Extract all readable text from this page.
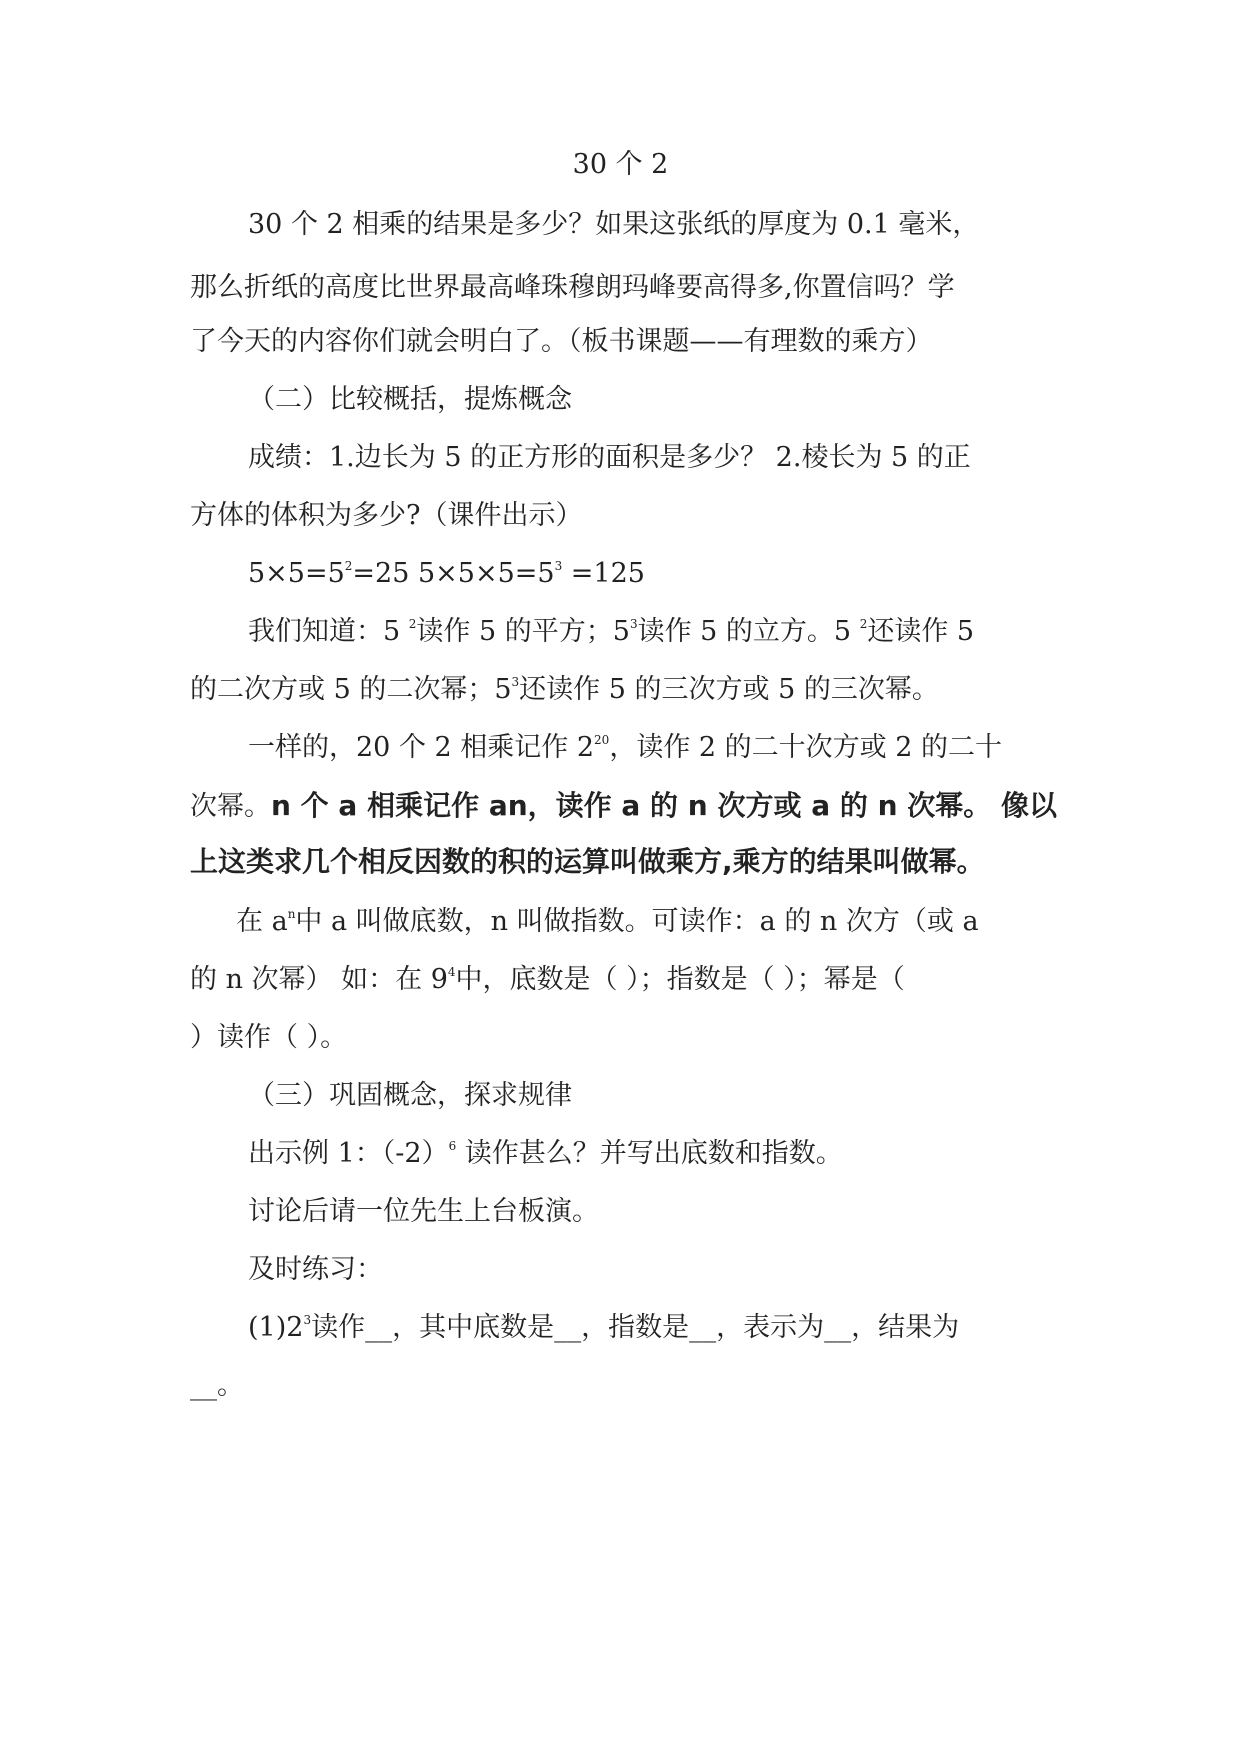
30 个 2

30 个 2 相乘的结果是多少？如果这张纸的厚度为 0.1 毫米，

那么折纸的高度比世界最高峰珠穆朗玛峰要高得多,你置信吗？学

了今天的内容你们就会明白了。（板书课题——有理数的乘方）

（二）比较概括，提炼概念

成绩：1.边长为 5 的正方形的面积是多少？ 2.棱长为 5 的正

方体的体积为多少?（课件出示）

$5\times 5=5^2=25$ $5\times 5\times 5=5^3 =125$

我们知道：5 $^2$读作 5 的平方；$5^3$读作 5 的立方。5 $^2$还读作 5

的二次方或 5 的二次幂；$5^3$还读作 5 的三次方或 5 的三次幂。

一样的，20 个 2 相乘记作 $2^{20}$，读作 2 的二十次方或 2 的二十

次幂。n 个 a 相乘记作 $a^n$，读作 a 的 n 次方或 a 的 n 次幂。 像以

上这类求几个相反因数的积的运算叫做乘方,乘方的结果叫做幂。

在 $a^n$中 a 叫做底数，n 叫做指数。可读作：a 的 n 次方（或 a

的 n 次幂） 如：在 $9^4$中，底数是（ ）；指数是（ ）；幂是（

）读作（ ）。

（三）巩固概念，探求规律

出示例 1：$(-2)^6$ 读作甚么？并写出底数和指数。

讨论后请一位先生上台板演。

及时练习：

$(1)2^3$读作__，其中底数是__，指数是__，表示为__，结果为

__。
